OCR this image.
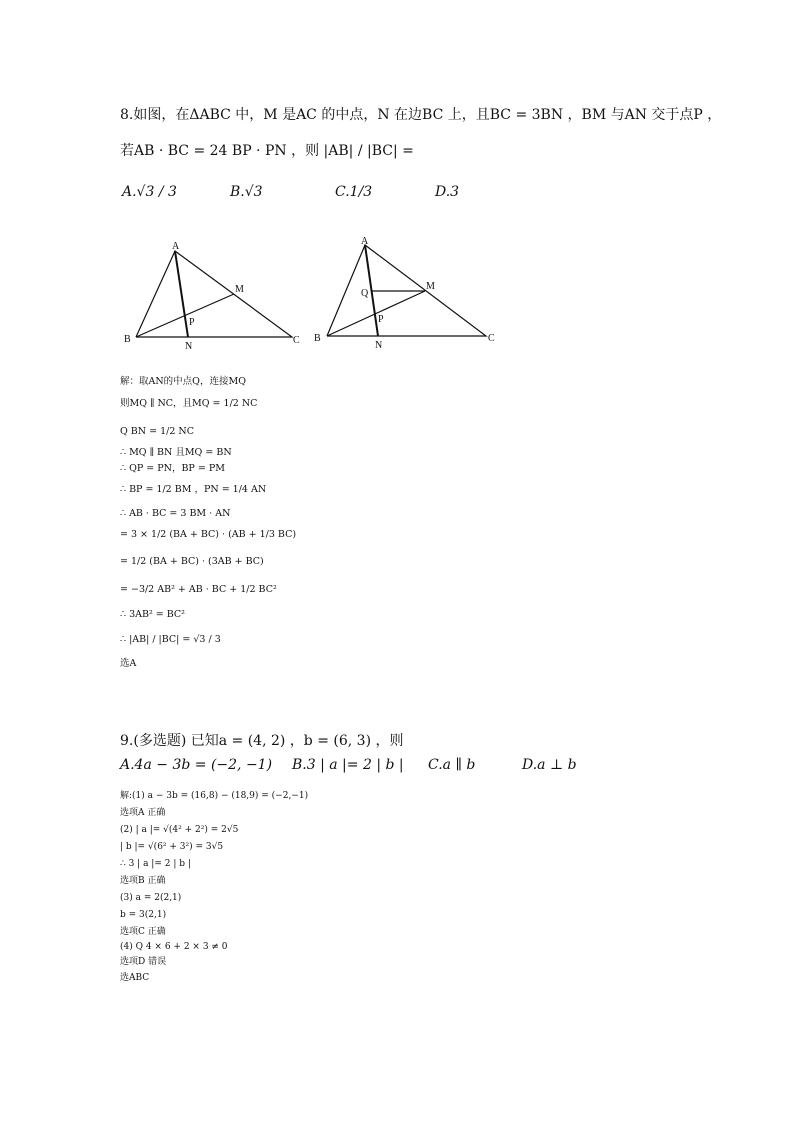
8.如图，在ΔABC 中，M 是AC 的中点，N 在边BC 上，且BC = 3BN ，BM 与AN 交于点P ，
若AB · BC = 24 BP · PN ，则 |AB| / |BC| =
A.√3 / 3	B.√3	C.1/3	D.3
A
B	C
M
N
P
A
B	C
M
N
P
Q
解：取AN的中点Q，连接MQ
则MQ ∥ NC，且MQ = 1/2 NC
Q BN = 1/2 NC
∴ MQ ∥ BN 且MQ = BN
∴ QP = PN，BP = PM
∴ BP = 1/2 BM ，PN = 1/4 AN
∴ AB · BC = 3 BM · AN
= 3 × 1/2 (BA + BC) · (AB + 1/3 BC)
= 1/2 (BA + BC) · (3AB + BC)
= −3/2 AB² + AB · BC + 1/2 BC²
∴ 3AB² = BC²
∴ |AB| / |BC| = √3 / 3
选A
9.(多选题) 已知a = (4, 2) ，b = (6, 3) ，则
A.4a − 3b = (−2, −1) B.3 | a |= 2 | b | C.a ∥ b	D.a ⊥ b
解:(1) a − 3b = (16,8) − (18,9) = (−2,−1)
选项A 正确
(2) | a |= √(4² + 2²) = 2√5
| b |= √(6² + 3²) = 3√5
∴ 3 | a |= 2 | b |
选项B 正确
(3) a = 2(2,1)
b = 3(2,1)
选项C 正确
(4) Q 4 × 6 + 2 × 3 ≠ 0
选项D 错误
选ABC
